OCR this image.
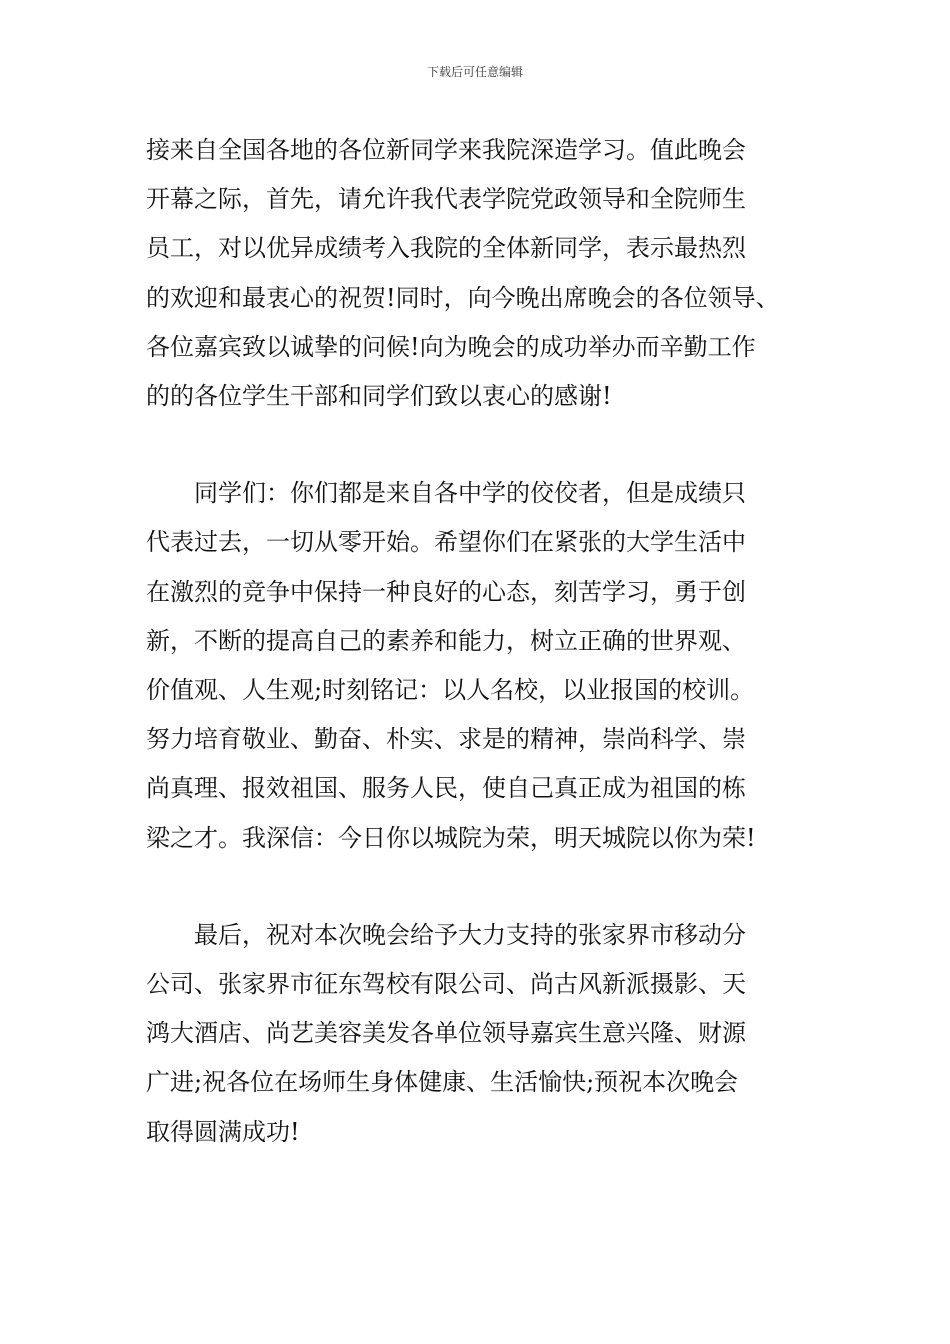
下载后可任意编辑
接来自全国各地的各位新同学来我院深造学习。值此晚会
开幕之际，首先，请允许我代表学院党政领导和全院师生
员工，对以优异成绩考入我院的全体新同学，表示最热烈
的欢迎和最衷心的祝贺!同时，向今晚出席晚会的各位领导、
各位嘉宾致以诚挚的问候!向为晚会的成功举办而辛勤工作
的的各位学生干部和同学们致以衷心的感谢!
同学们：你们都是来自各中学的佼佼者，但是成绩只
代表过去，一切从零开始。希望你们在紧张的大学生活中
在激烈的竞争中保持一种良好的心态，刻苦学习，勇于创
新，不断的提高自己的素养和能力，树立正确的世界观、
价值观、人生观;时刻铭记：以人名校，以业报国的校训。
努力培育敬业、勤奋、朴实、求是的精神，崇尚科学、崇
尚真理、报效祖国、服务人民，使自己真正成为祖国的栋
梁之才。我深信：今日你以城院为荣，明天城院以你为荣!
最后，祝对本次晚会给予大力支持的张家界市移动分
公司、张家界市征东驾校有限公司、尚古风新派摄影、天
鸿大酒店、尚艺美容美发各单位领导嘉宾生意兴隆、财源
广进;祝各位在场师生身体健康、生活愉快;预祝本次晚会
取得圆满成功!
